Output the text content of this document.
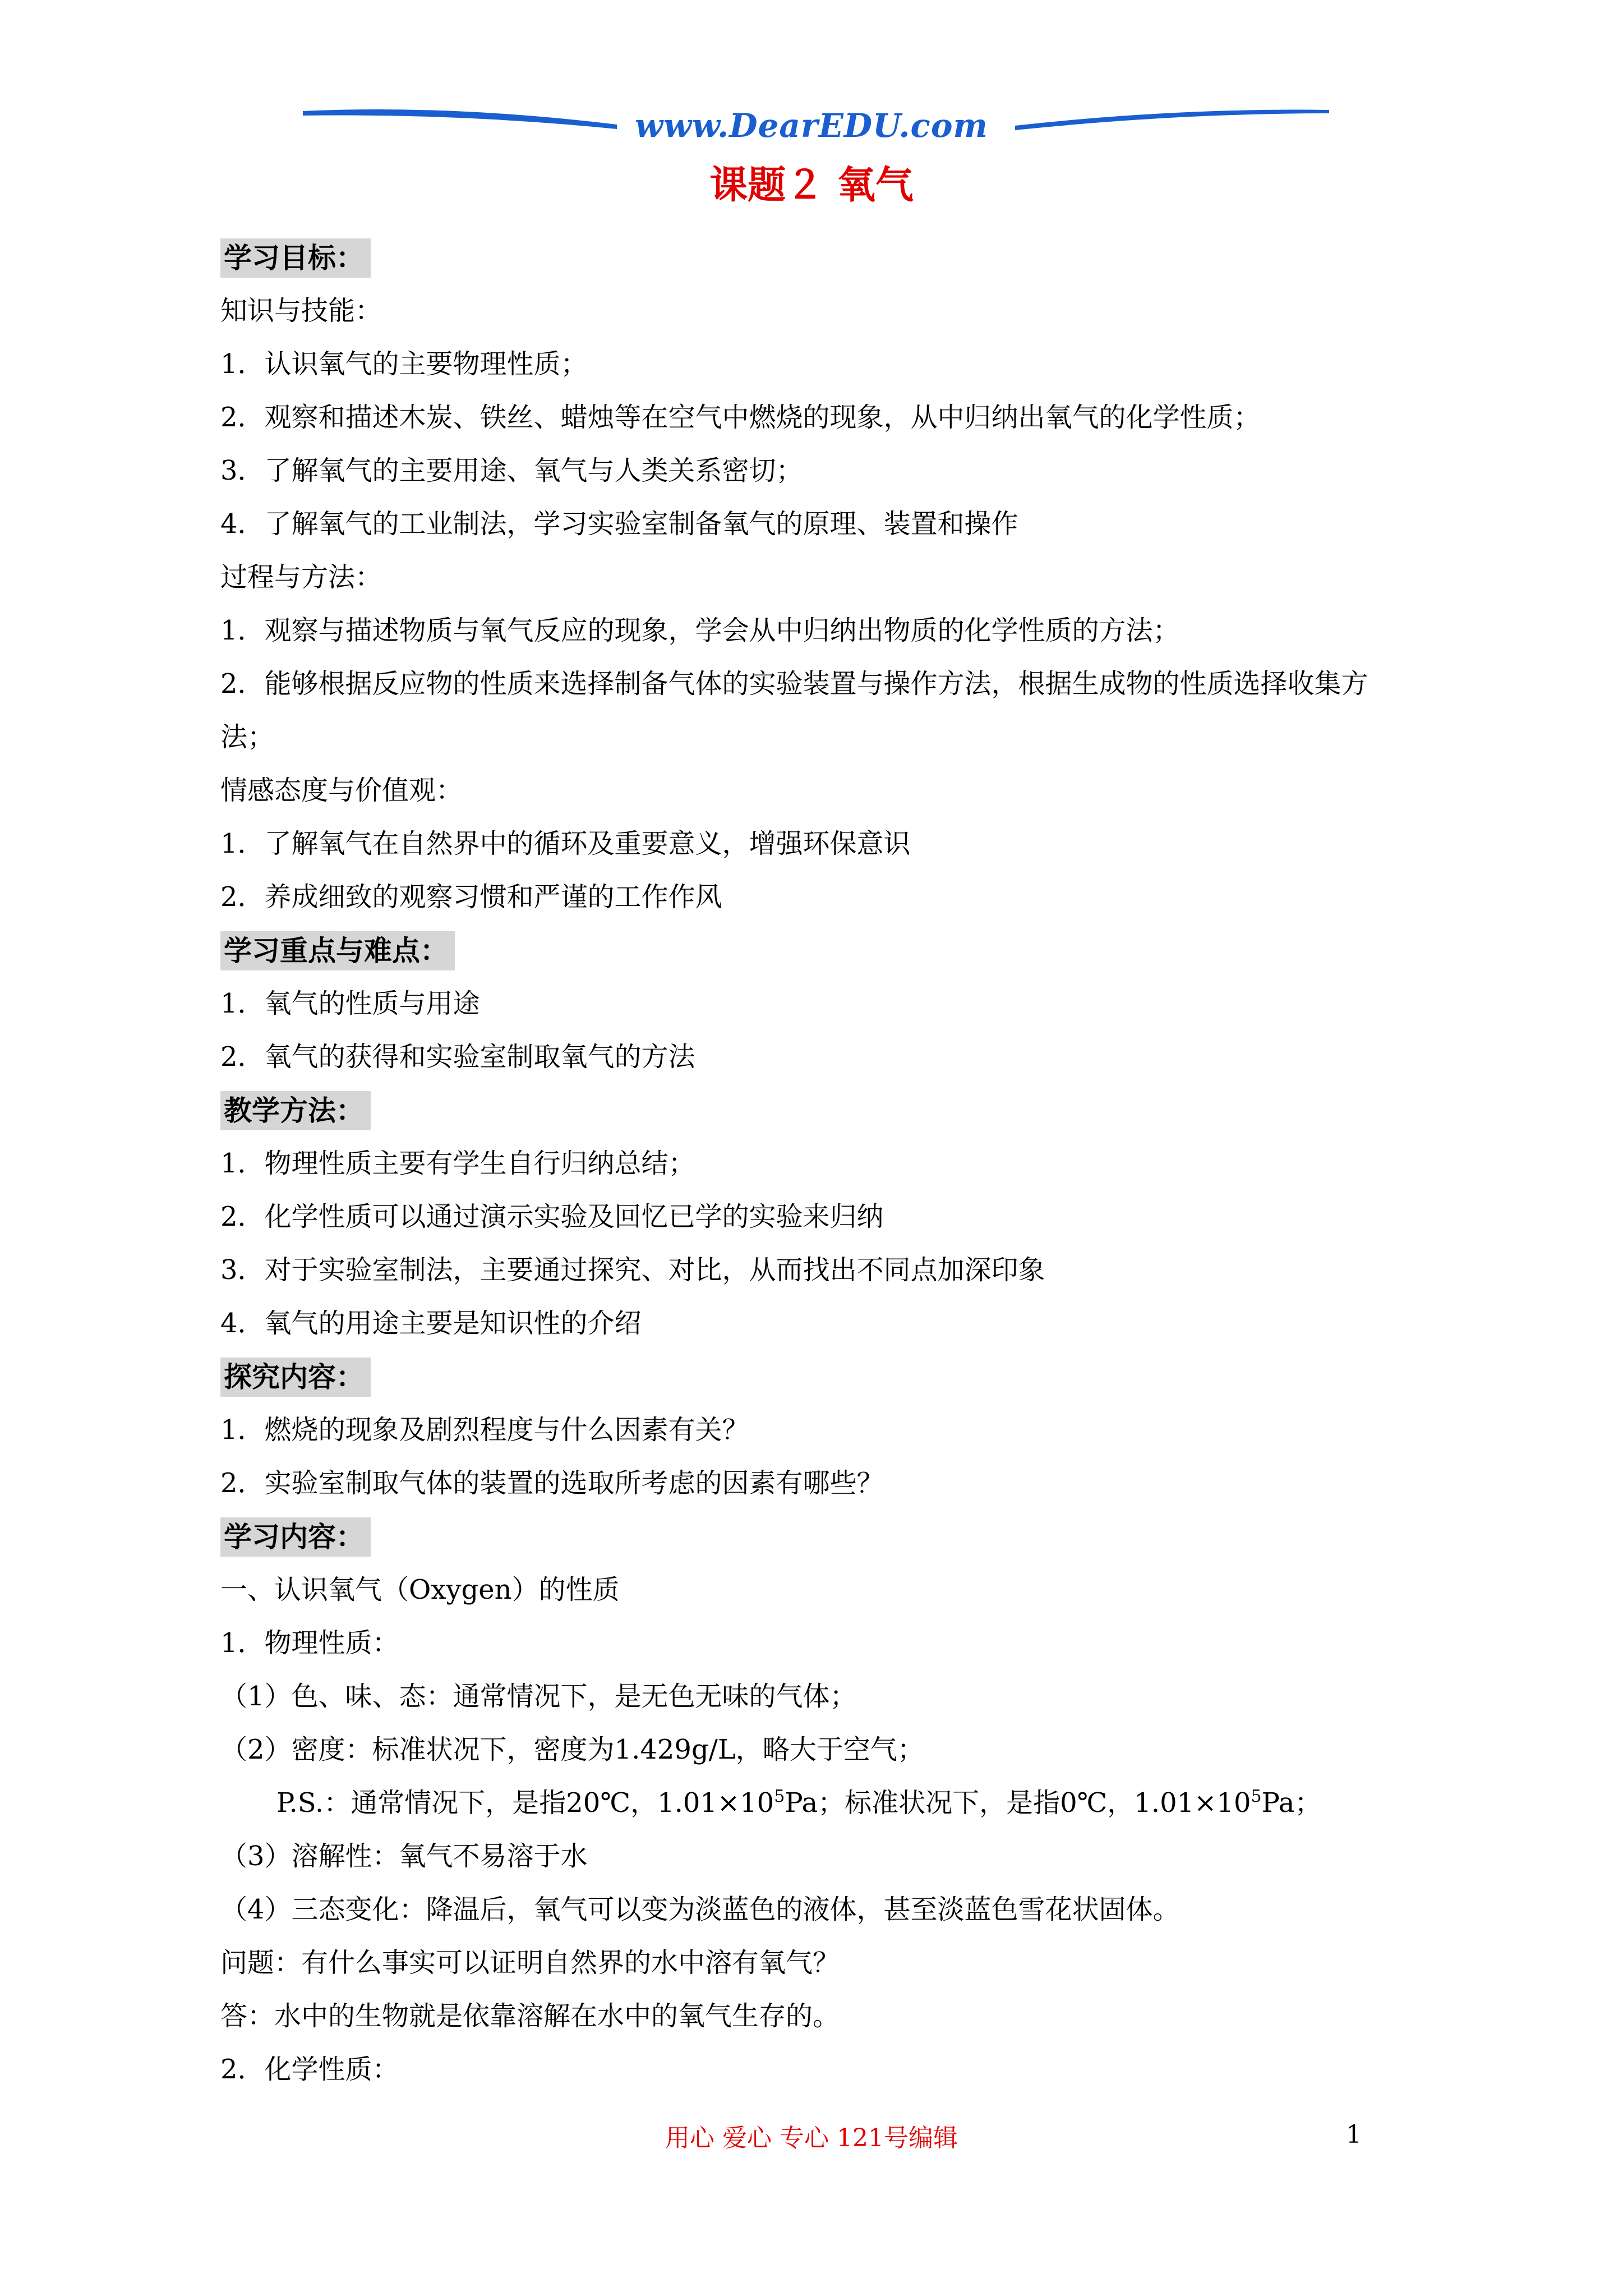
www.DearEDU.com
课题２ 氧气
学习目标：
知识与技能：
1．认识氧气的主要物理性质；
2．观察和描述木炭、铁丝、蜡烛等在空气中燃烧的现象，从中归纳出氧气的化学性质；
3．了解氧气的主要用途、氧气与人类关系密切；
4．了解氧气的工业制法，学习实验室制备氧气的原理、装置和操作
过程与方法：
1．观察与描述物质与氧气反应的现象，学会从中归纳出物质的化学性质的方法；
2．能够根据反应物的性质来选择制备气体的实验装置与操作方法，根据生成物的性质选择收集方法；
情感态度与价值观：
1．了解氧气在自然界中的循环及重要意义，增强环保意识
2．养成细致的观察习惯和严谨的工作作风
学习重点与难点：
1．氧气的性质与用途
2．氧气的获得和实验室制取氧气的方法
教学方法：
1．物理性质主要有学生自行归纳总结；
2．化学性质可以通过演示实验及回忆已学的实验来归纳
3．对于实验室制法，主要通过探究、对比，从而找出不同点加深印象
4．氧气的用途主要是知识性的介绍
探究内容：
1．燃烧的现象及剧烈程度与什么因素有关？
2．实验室制取气体的装置的选取所考虑的因素有哪些？
学习内容：
一、认识氧气（Oxygen）的性质
1．物理性质：
（1）色、味、态：通常情况下，是无色无味的气体；
（2）密度：标准状况下，密度为1.429g/L，略大于空气；
P.S.：通常情况下，是指20℃，$1.01\times 10^5Pa$；标准状况下，是指0℃，$1.01\times 10^5Pa$；
（3）溶解性：氧气不易溶于水
（4）三态变化：降温后，氧气可以变为淡蓝色的液体，甚至淡蓝色雪花状固体。
问题：有什么事实可以证明自然界的水中溶有氧气？
答：水中的生物就是依靠溶解在水中的氧气生存的。
2．化学性质：
用心 爱心 专心 121号编辑	1
